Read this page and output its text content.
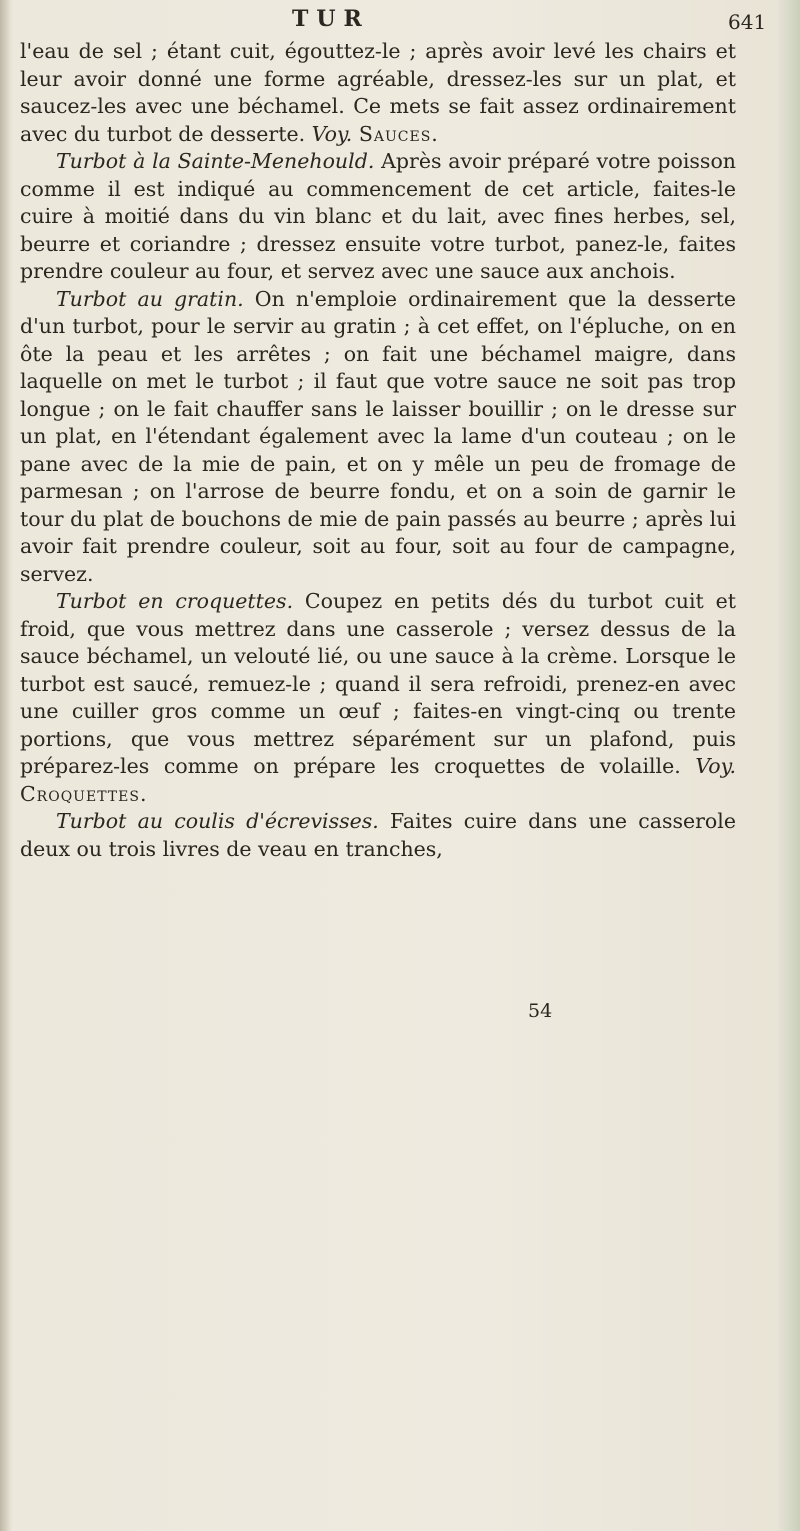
TUR	641

l'eau de sel ; étant cuit, égouttez-le ; après avoir levé les chairs et leur avoir donné une forme agréable, dressez-les sur un plat, et saucez-les avec une béchamel. Ce mets se fait assez ordinairement avec du turbot de desserte. Voy. Sauces.

Turbot à la Sainte-Menehould. Après avoir préparé votre poisson comme il est indiqué au commencement de cet article, faites-le cuire à moitié dans du vin blanc et du lait, avec fines herbes, sel, beurre et coriandre ; dressez ensuite votre turbot, panez-le, faites prendre couleur au four, et servez avec une sauce aux anchois.

Turbot au gratin. On n'emploie ordinairement que la desserte d'un turbot, pour le servir au gratin ; à cet effet, on l'épluche, on en ôte la peau et les arrêtes ; on fait une béchamel maigre, dans laquelle on met le turbot ; il faut que votre sauce ne soit pas trop longue ; on le fait chauffer sans le laisser bouillir ; on le dresse sur un plat, en l'étendant également avec la lame d'un couteau ; on le pane avec de la mie de pain, et on y mêle un peu de fromage de parmesan ; on l'arrose de beurre fondu, et on a soin de garnir le tour du plat de bouchons de mie de pain passés au beurre ; après lui avoir fait prendre couleur, soit au four, soit au four de campagne, servez.

Turbot en croquettes. Coupez en petits dés du turbot cuit et froid, que vous mettrez dans une casserole ; versez dessus de la sauce béchamel, un velouté lié, ou une sauce à la crème. Lorsque le turbot est saucé, remuez-le ; quand il sera refroidi, prenez-en avec une cuiller gros comme un œuf ; faites-en vingt-cinq ou trente portions, que vous mettrez séparément sur un plafond, puis préparez-les comme on prépare les croquettes de volaille. Voy. Croquettes.

Turbot au coulis d'écrevisses. Faites cuire dans une casserole deux ou trois livres de veau en tranches,

54
